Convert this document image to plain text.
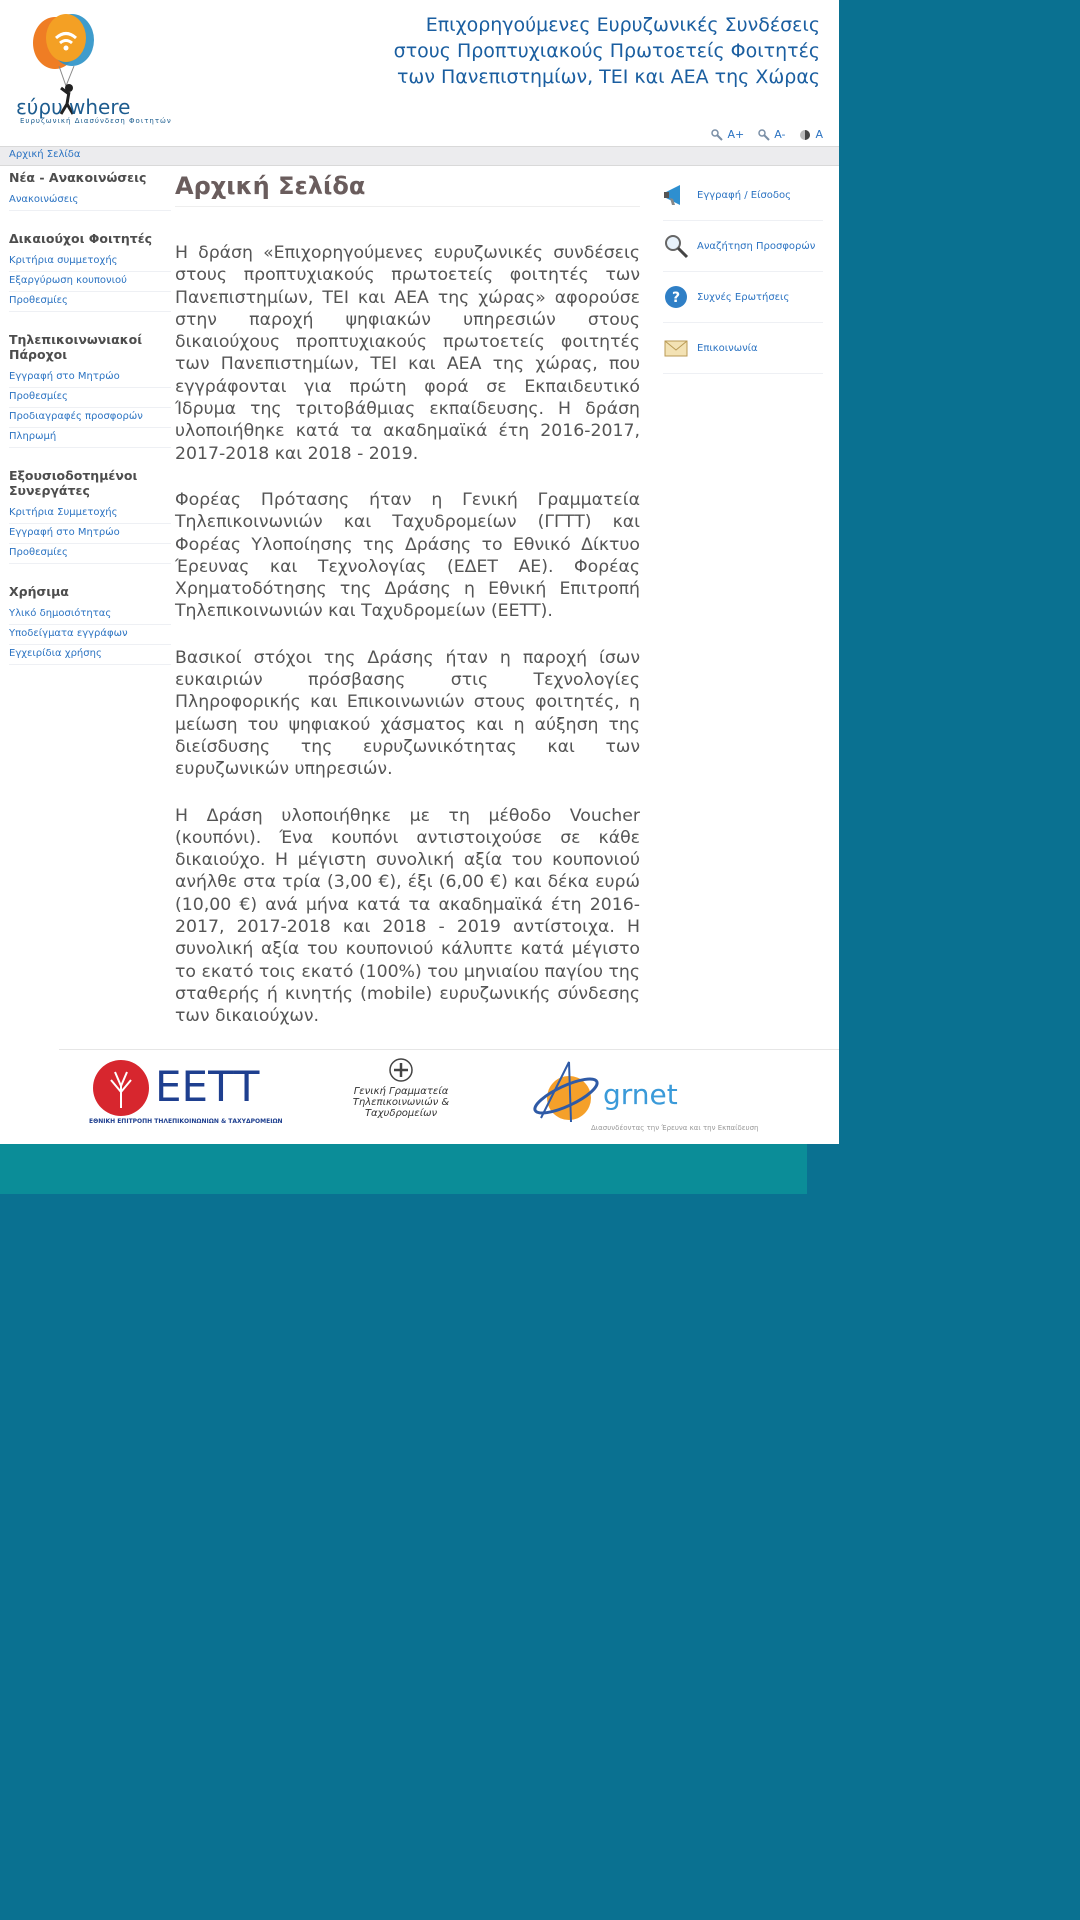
εύρυ where
Ευρυζωνική Διασύνδεση Φοιτητών
Επιχορηγούμενες Ευρυζωνικές Συνδέσεις
στους Προπτυχιακούς Πρωτοετείς Φοιτητές
των Πανεπιστημίων, ΤΕΙ και ΑΕΑ της Χώρας
A+	A-	A
Αρχική Σελίδα
Νέα - Ανακοινώσεις
Ανακοινώσεις
Δικαιούχοι Φοιτητές
Κριτήρια συμμετοχής
Εξαργύρωση κουπονιού
Προθεσμίες
Τηλεπικοινωνιακοί Πάροχοι
Εγγραφή στο Μητρώο
Προθεσμίες
Προδιαγραφές προσφορών
Πληρωμή
Εξουσιοδοτημένοι Συνεργάτες
Κριτήρια Συμμετοχής
Εγγραφή στο Μητρώο
Προθεσμίες
Χρήσιμα
Υλικό δημοσιότητας
Υποδείγματα εγγράφων
Εγχειρίδια χρήσης
Αρχική Σελίδα

Η δράση «Επιχορηγούμενες ευρυζωνικές συνδέσεις στους προπτυχιακούς πρωτοετείς φοιτητές των Πανεπιστημίων, ΤΕΙ και ΑΕΑ της χώρας» αφορούσε στην παροχή ψηφιακών υπηρεσιών στους δικαιούχους προπτυχιακούς πρωτοετείς φοιτητές των Πανεπιστημίων, ΤΕΙ και ΑΕΑ της χώρας, που εγγράφονται για πρώτη φορά σε Εκπαιδευτικό Ίδρυμα της τριτοβάθμιας εκπαίδευσης. Η δράση υλοποιήθηκε κατά τα ακαδημαϊκά έτη 2016-2017, 2017-2018 και 2018 - 2019.

Φορέας Πρότασης ήταν η Γενική Γραμματεία Τηλεπικοινωνιών και Ταχυδρομείων (ΓΓΤΤ) και Φορέας Υλοποίησης της Δράσης το Εθνικό Δίκτυο Έρευνας και Τεχνολογίας (ΕΔΕΤ ΑΕ). Φορέας Χρηματοδότησης της Δράσης η Εθνική Επιτροπή Τηλεπικοινωνιών και Ταχυδρομείων (ΕΕΤΤ).

Βασικοί στόχοι της Δράσης ήταν η παροχή ίσων ευκαιριών πρόσβασης στις Τεχνολογίες Πληροφορικής και Επικοινωνιών στους φοιτητές, η μείωση του ψηφιακού χάσματος και η αύξηση της διείσδυσης της ευρυζωνικότητας και των ευρυζωνικών υπηρεσιών.

Η Δράση υλοποιήθηκε με τη μέθοδο Voucher (κουπόνι). Ένα κουπόνι αντιστοιχούσε σε κάθε δικαιούχο. Η μέγιστη συνολική αξία του κουπονιού ανήλθε στα τρία (3,00 €), έξι (6,00 €) και δέκα ευρώ (10,00 €) ανά μήνα κατά τα ακαδημαϊκά έτη 2016-2017, 2017-2018 και 2018 - 2019 αντίστοιχα. Η συνολική αξία του κουπονιού κάλυπτε κατά μέγιστο το εκατό τοις εκατό (100%) του μηνιαίου παγίου της σταθερής ή κινητής (mobile) ευρυζωνικής σύνδεσης των δικαιούχων.

Εγγραφή / Είσοδος
Αναζήτηση Προσφορών
? Συχνές Ερωτήσεις
Επικοινωνία
ΕΕΤΤ
ΕΘΝΙΚΗ ΕΠΙΤΡΟΠΗ ΤΗΛΕΠΙΚΟΙΝΩΝΙΩΝ & ΤΑΧΥΔΡΟΜΕΙΩΝ
Γενική Γραμματεία
Τηλεπικοινωνιών & Ταχυδρομείων
grnet
Διασυνδέοντας την Έρευνα και την Εκπαίδευση
